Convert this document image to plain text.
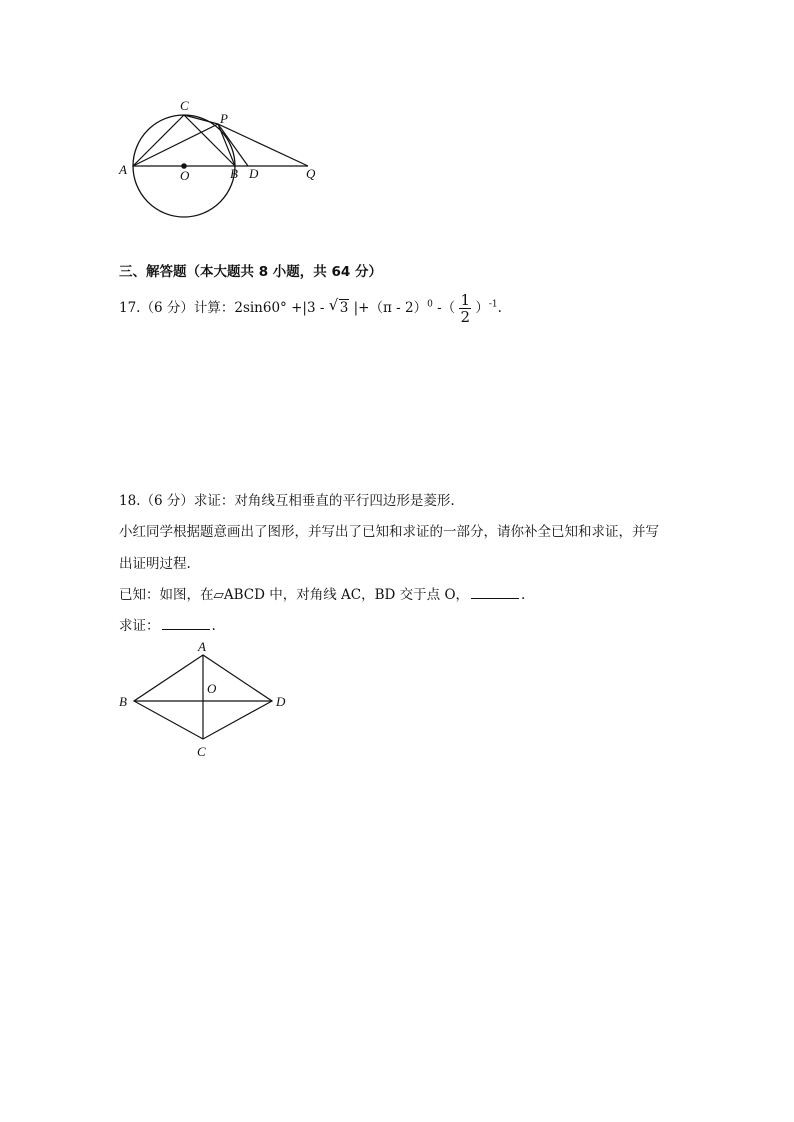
C
P
A	O	B D	Q
三、解答题（本大题共 8 小题，共 64 分）
17.（6 分）计算：2sin60° +|3 - √ 3 |+（π - 2）$^0$ -（ $\frac{1}{2} )^{-1}$.
18.（6 分）求证：对角线互相垂直的平行四边形是菱形.
小红同学根据题意画出了图形，并写出了已知和求证的一部分，请你补全已知和求证，并写
出证明过程.
已知：如图，在▱ABCD 中，对角线 AC，BD 交于点 O，	.
求证：	.
A
O
B	D
C
